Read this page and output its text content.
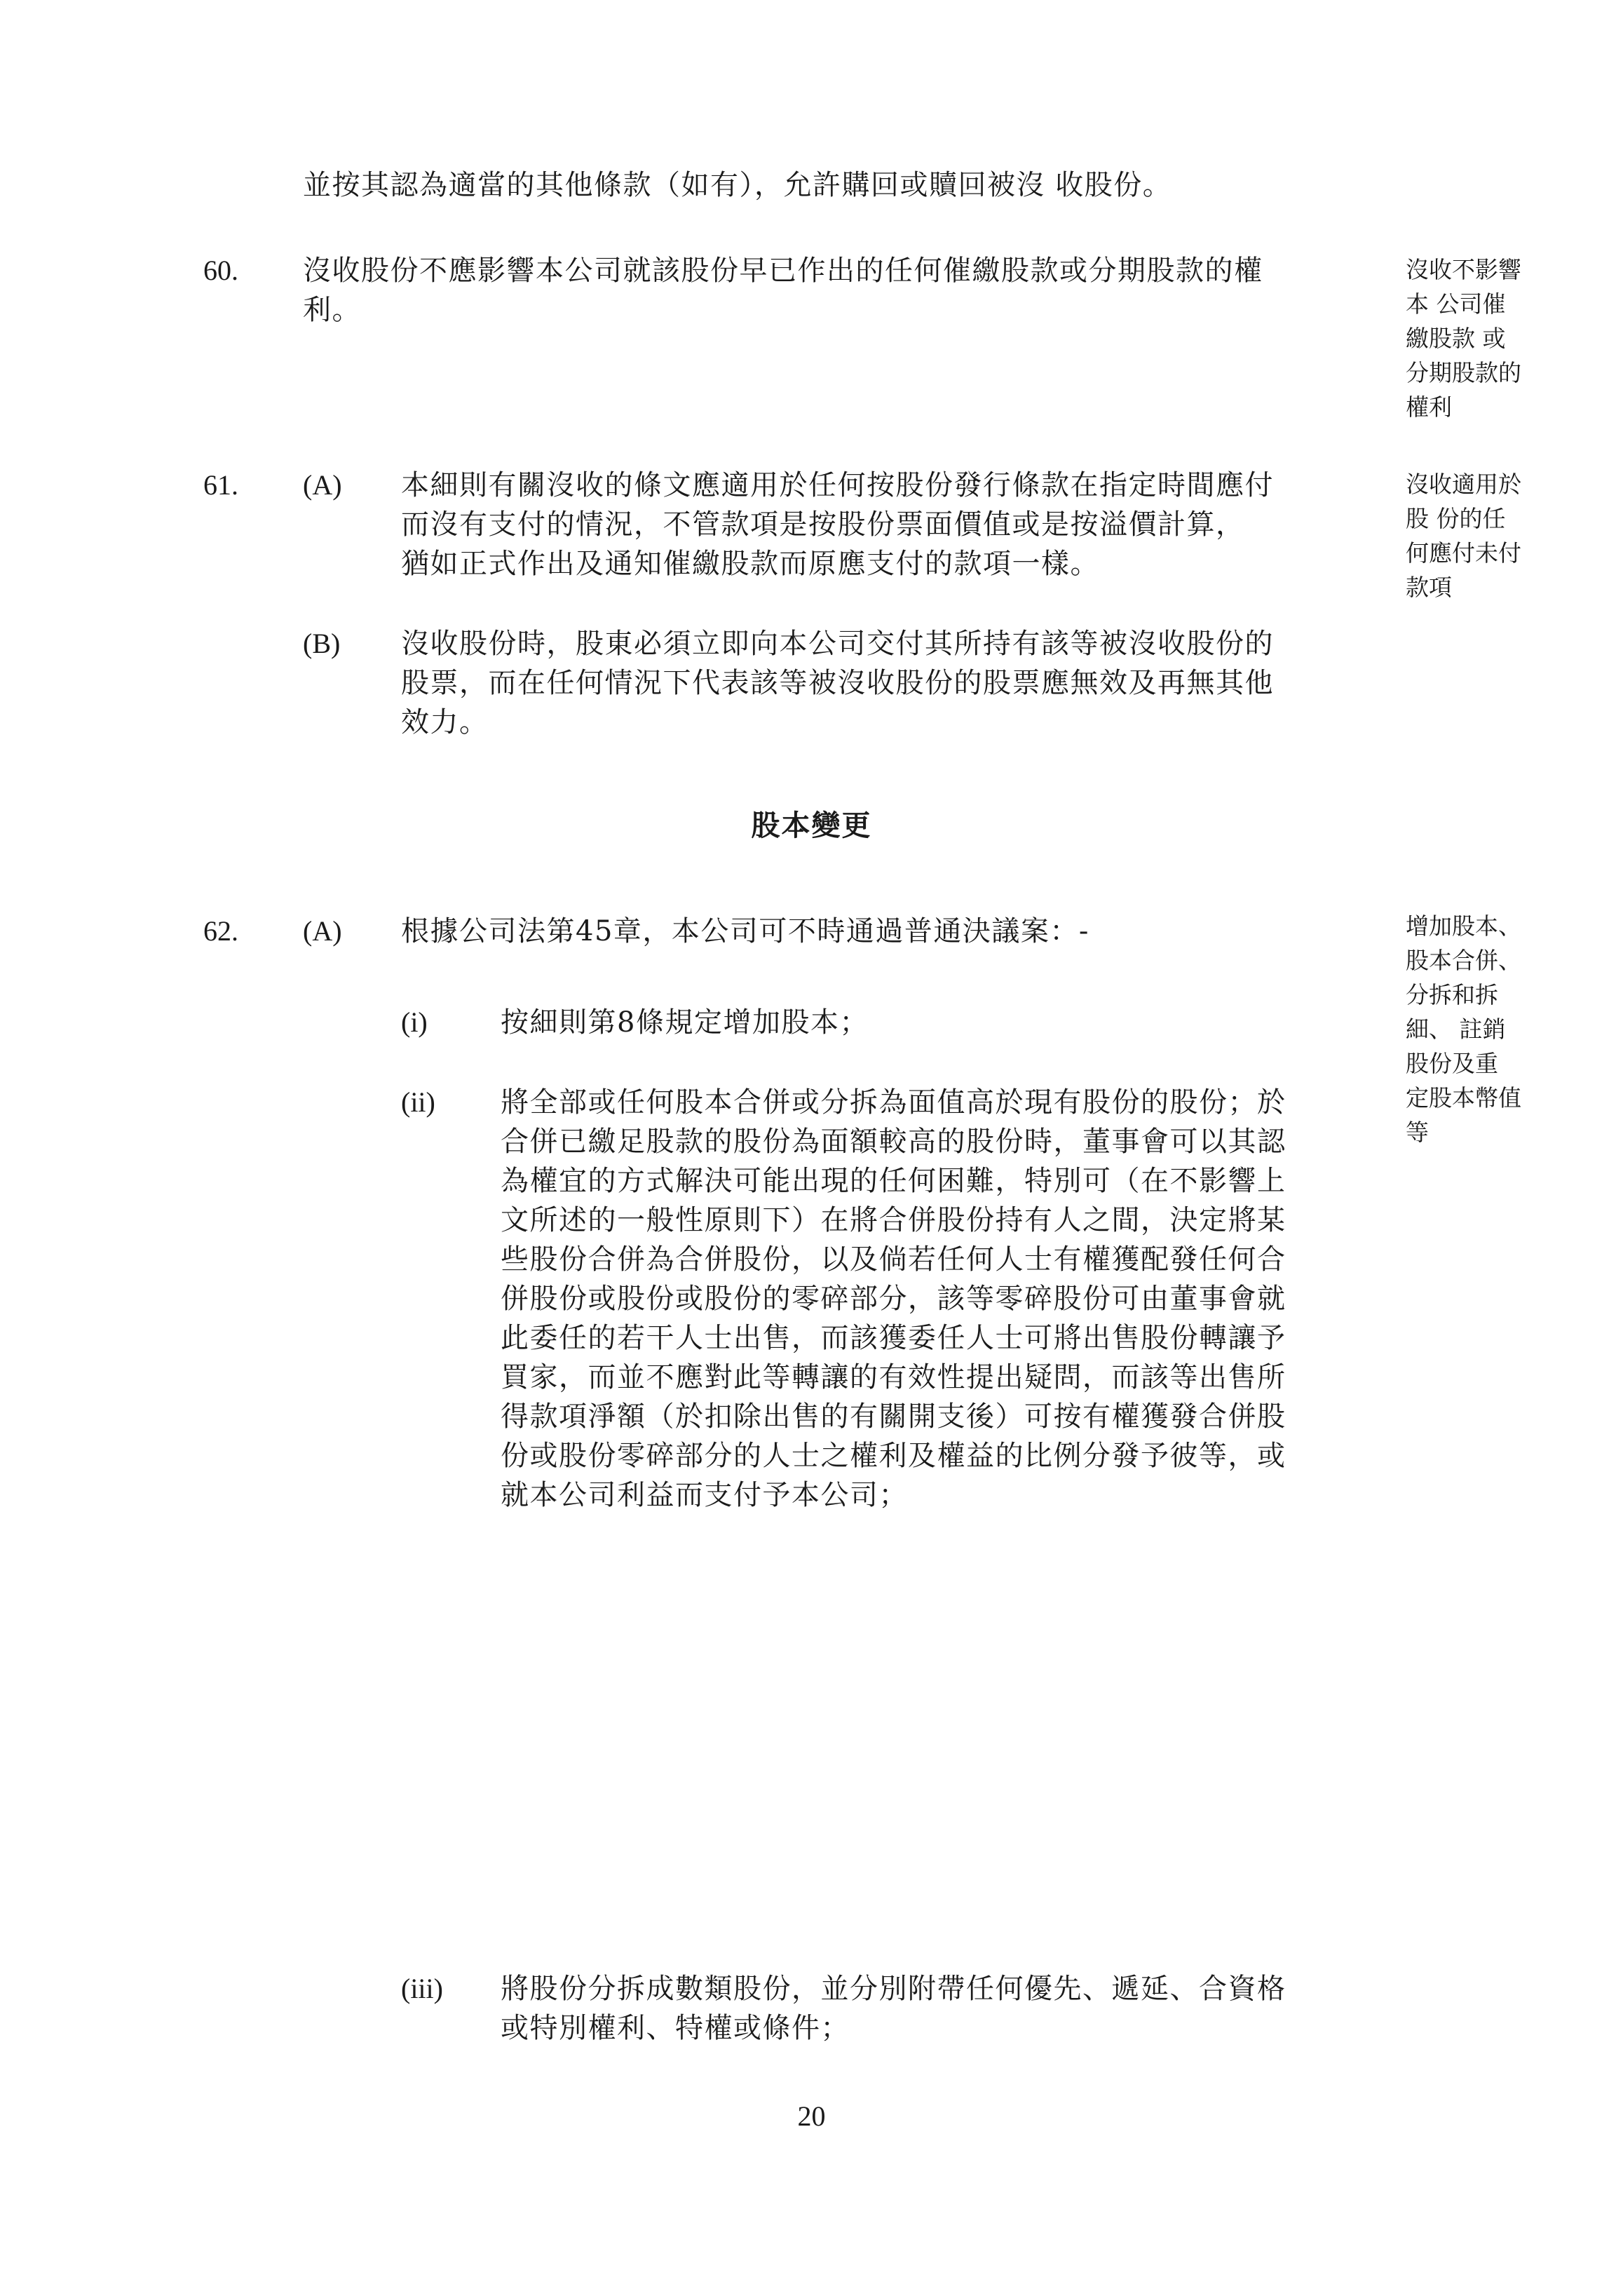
並按其認為適當的其他條款（如有），允許購回或贖回被沒 收股份。
60. 沒收股份不應影響本公司就該股份早已作出的任何催繳股款或分期股款的權
利。
沒收不影響
本 公司催
繳股款 或
分期股款的
權利
61. (A) 本細則有關沒收的條文應適用於任何按股份發行條款在指定時間應付
而沒有支付的情況，不管款項是按股份票面價值或是按溢價計算，
猶如正式作出及通知催繳股款而原應支付的款項一樣。
沒收適用於
股 份的任
何應付未付
款項
(B) 沒收股份時，股東必須立即向本公司交付其所持有該等被沒收股份的
股票，而在任何情況下代表該等被沒收股份的股票應無效及再無其他
效力。
股本變更
62. (A) 根據公司法第45章，本公司可不時通過普通決議案：-	增加股本、
股本合併、
分拆和拆
細、 註銷
股份及重
定股本幣值
等
(i)	按細則第8條規定增加股本；
(ii) 將全部或任何股本合併或分拆為面值高於現有股份的股份；於
合併已繳足股款的股份為面額較高的股份時，董事會可以其認
為權宜的方式解決可能出現的任何困難，特別可（在不影響上
文所述的一般性原則下）在將合併股份持有人之間，決定將某
些股份合併為合併股份，以及倘若任何人士有權獲配發任何合
併股份或股份或股份的零碎部分，該等零碎股份可由董事會就
此委任的若干人士出售，而該獲委任人士可將出售股份轉讓予
買家，而並不應對此等轉讓的有效性提出疑問，而該等出售所
得款項淨額（於扣除出售的有關開支後）可按有權獲發合併股
份或股份零碎部分的人士之權利及權益的比例分發予彼等，或
就本公司利益而支付予本公司；
(iii) 將股份分拆成數類股份，並分別附帶任何優先、遞延、合資格
或特別權利、特權或條件；
20
